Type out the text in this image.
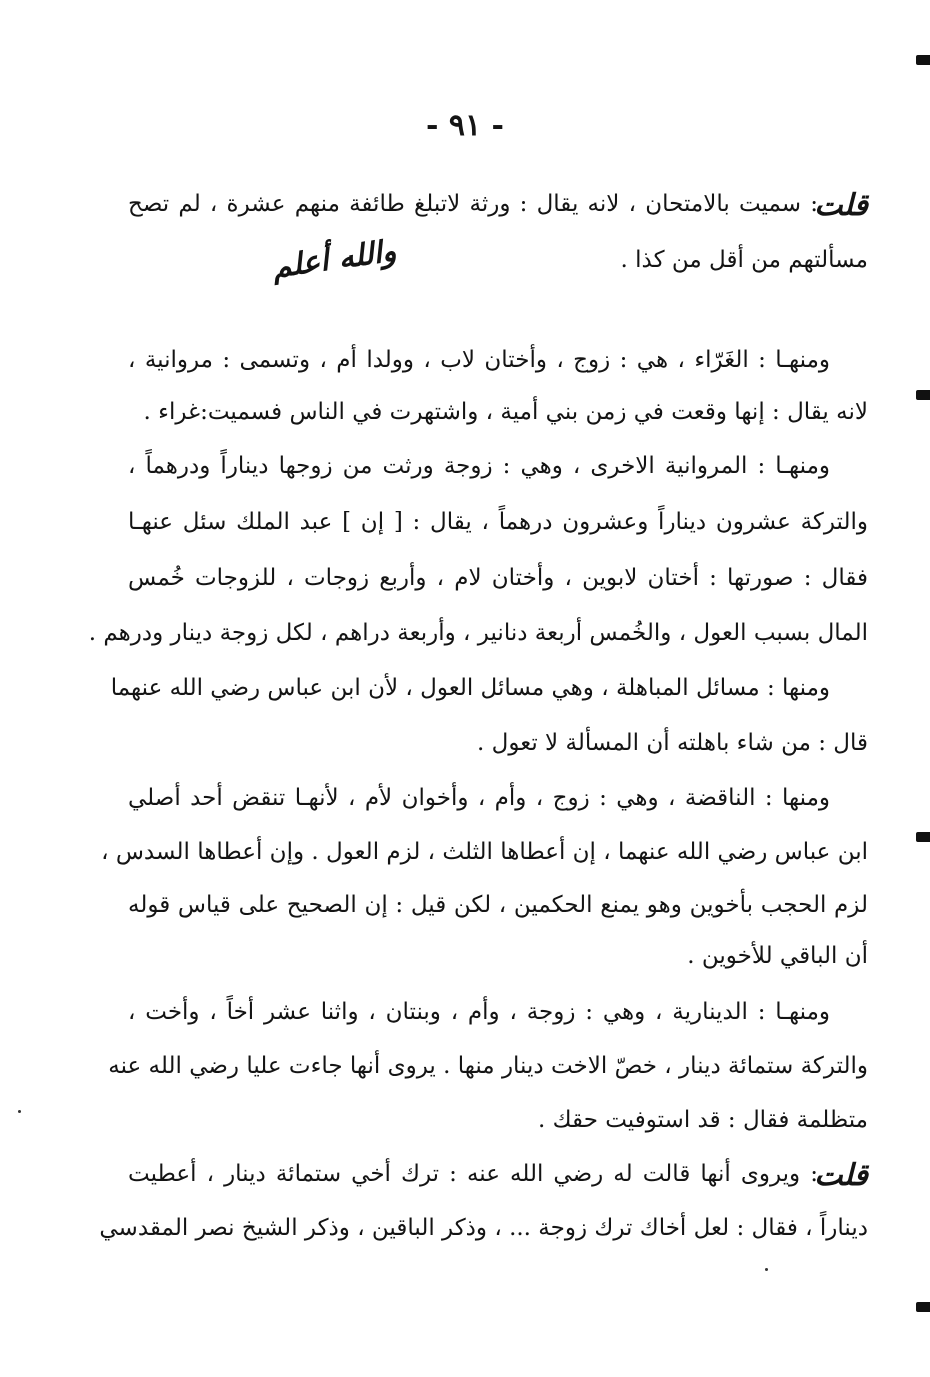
- ٩١ -
قلت
: سميت بالامتحان ، لانه يقال : ورثة لاتبلغ طائفة منهم عشرة ، لم تصح
مسألتهم من أقل من كذا .
والله أعلم
ومنهـا : الغَرّاء ، هي : زوج ، وأختان لاب ، وولدا أم ، وتسمى : مروانية ،
لانه يقال : إنها وقعت في زمن بني أمية ، واشتهرت في الناس فسميت:غراء .
ومنهـا : المروانية الاخرى ، وهي : زوجة ورثت من زوجها ديناراً ودرهماً ،
والتركة عشرون ديناراً وعشرون درهماً ، يقال : [ إن ] عبد الملك سئل عنهـا
فقال : صورتها : أختان لابوين ، وأختان لام ، وأربع زوجات ، للزوجات خُمس
المال بسبب العول ، والخُمس أربعة دنانير ، وأربعة دراهم ، لكل زوجة دينار ودرهم .
ومنها : مسائل المباهلة ، وهي مسائل العول ، لأن ابن عباس رضي الله عنهما
قال : من شاء باهلته أن المسألة لا تعول .
ومنها : الناقضة ، وهي : زوج ، وأم ، وأخوان لأم ، لأنهـا تنقض أحد أصلي
ابن عباس رضي الله عنهما ، إن أعطاها الثلث ، لزم العول . وإن أعطاها السدس ،
لزم الحجب بأخوين وهو يمنع الحكمين ، لكن قيل : إن الصحيح على قياس قوله
أن الباقي للأخوين .
ومنهـا : الدينارية ، وهي : زوجة ، وأم ، وبنتان ، واثنا عشر أخاً ، وأخت ،
والتركة ستمائة دينار ، خصّ الاخت دينار منها . يروى أنها جاءت عليا رضي الله عنه
متظلمة فقال : قد استوفيت حقك .
قلت
: ويروى أنها قالت له رضي الله عنه : ترك أخي ستمائة دينار ، أعطيت
ديناراً ، فقال : لعل أخاك ترك زوجة ... ، وذكر الباقين ، وذكر الشيخ نصر المقدسي
